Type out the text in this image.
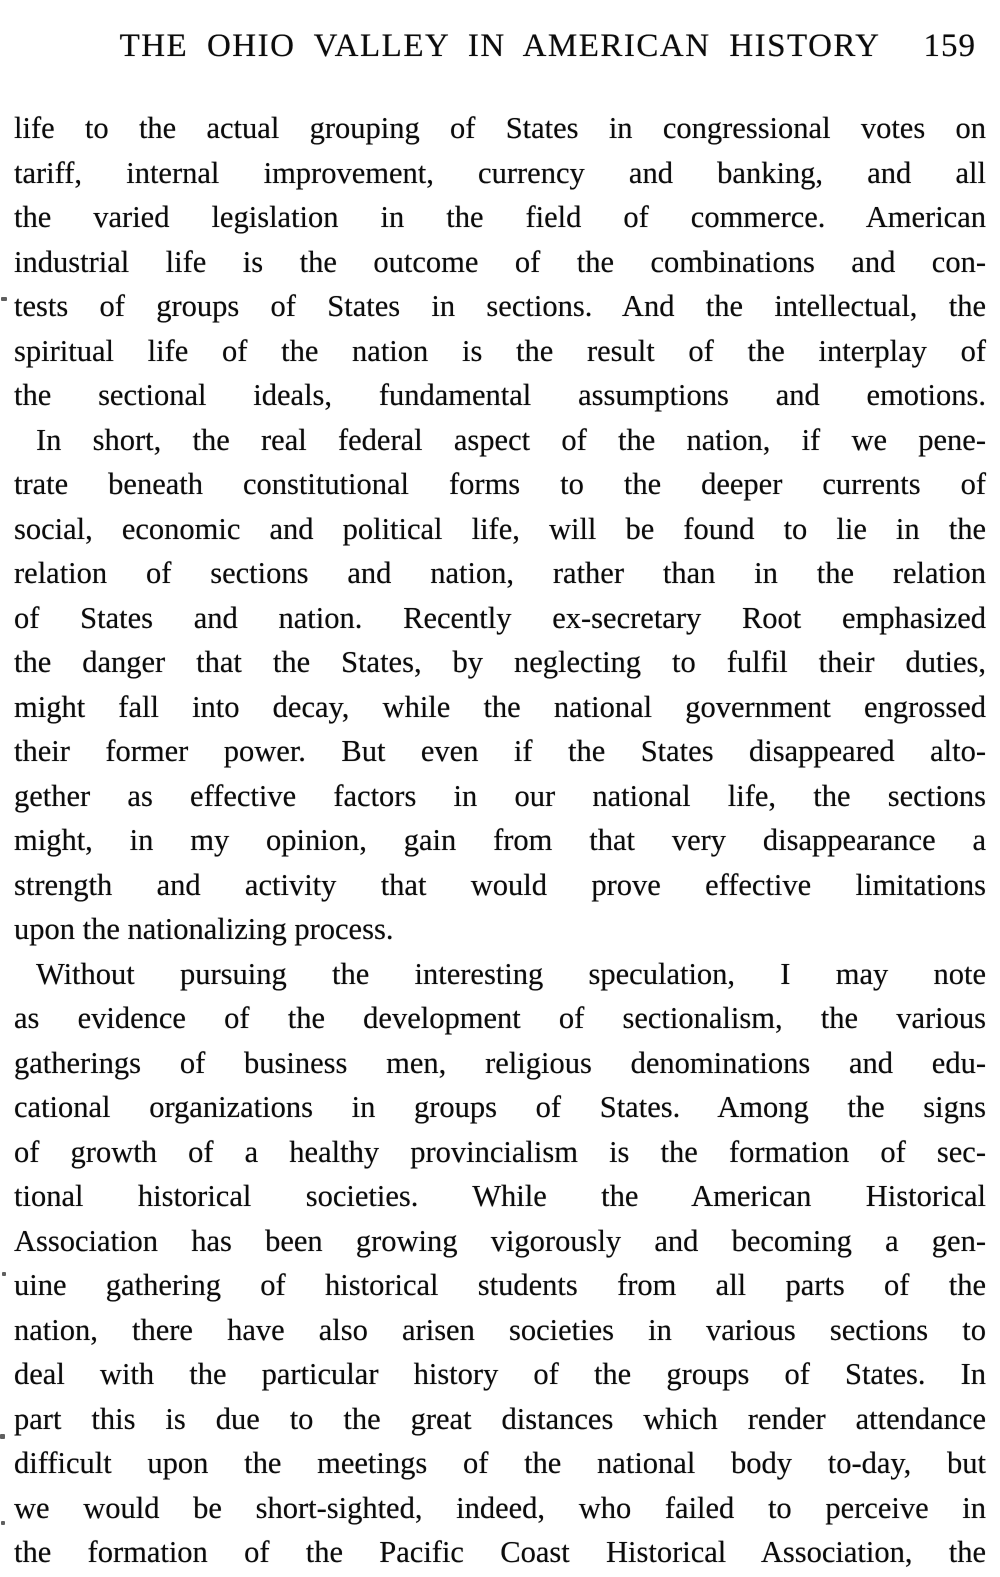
THE OHIO VALLEY IN AMERICAN HISTORY	159
life to the actual grouping of States in congressional votes on
tariff, internal improvement, currency and banking, and all
the varied legislation in the field of commerce. American
industrial life is the outcome of the combinations and con-
tests of groups of States in sections. And the intellectual, the
spiritual life of the nation is the result of the interplay of
the sectional ideals, fundamental assumptions and emotions.
In short, the real federal aspect of the nation, if we pene-
trate beneath constitutional forms to the deeper currents of
social, economic and political life, will be found to lie in the
relation of sections and nation, rather than in the relation
of States and nation. Recently ex-secretary Root emphasized
the danger that the States, by neglecting to fulfil their duties,
might fall into decay, while the national government engrossed
their former power. But even if the States disappeared alto-
gether as effective factors in our national life, the sections
might, in my opinion, gain from that very disappearance a
strength and activity that would prove effective limitations
upon the nationalizing process.
Without pursuing the interesting speculation, I may note
as evidence of the development of sectionalism, the various
gatherings of business men, religious denominations and edu-
cational organizations in groups of States. Among the signs
of growth of a healthy provincialism is the formation of sec-
tional historical societies. While the American Historical
Association has been growing vigorously and becoming a gen-
uine gathering of historical students from all parts of the
nation, there have also arisen societies in various sections to
deal with the particular history of the groups of States. In
part this is due to the great distances which render attendance
difficult upon the meetings of the national body to-day, but
we would be short-sighted, indeed, who failed to perceive in
the formation of the Pacific Coast Historical Association, the
